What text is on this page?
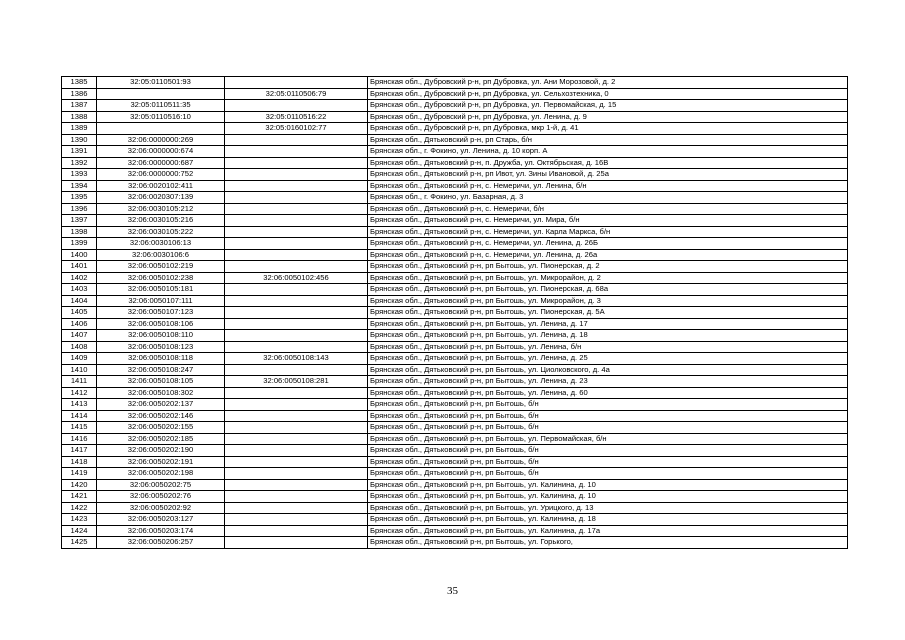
1385	32:05:0110501:93		Брянская обл., Дубровский р-н, рп Дубровка, ул. Ани Морозовой, д. 2
1386		32:05:0110506:79	Брянская обл., Дубровский р-н, рп Дубровка, ул. Сельхозтехника, 0
1387	32:05:0110511:35		Брянская обл., Дубровский р-н, рп Дубровка, ул. Первомайская, д. 15
1388	32:05:0110516:10	32:05:0110516:22	Брянская обл., Дубровский р-н, рп Дубровка, ул. Ленина, д. 9
1389		32:05:0160102:77	Брянская обл., Дубровский р-н, рп Дубровка, мкр 1-й, д. 41
1390	32:06:0000000:269		Брянская обл., Дятьковский р-н, рп Старь, б/н
1391	32:06:0000000:674		Брянская обл., г. Фокино, ул. Ленина, д. 10 корп. А
1392	32:06:0000000:687		Брянская обл., Дятьковский р-н, п. Дружба, ул. Октябрьская, д. 16В
1393	32:06:0000000:752		Брянская обл., Дятьковский р-н, рп Ивот, ул. Зины Ивановой, д. 25а
1394	32:06:0020102:411		Брянская обл., Дятьковский р-н, с. Немеричи, ул. Ленина, б/н
1395	32:06:0020307:139		Брянская обл., г. Фокино, ул. Базарная, д. 3
1396	32:06:0030105:212		Брянская обл., Дятьковский р-н, с. Немеричи, б/н
1397	32:06:0030105:216		Брянская обл., Дятьковский р-н, с. Немеричи, ул. Мира, б/н
1398	32:06:0030105:222		Брянская обл., Дятьковский р-н, с. Немеричи, ул. Карла Маркса, б/н
1399	32:06:0030106:13		Брянская обл., Дятьковский р-н, с. Немеричи, ул. Ленина, д. 26Б
1400	32:06:0030106:6		Брянская обл., Дятьковский р-н, с. Немеричи, ул. Ленина, д. 26а
1401	32:06:0050102:219		Брянская обл., Дятьковский р-н, рп Бытошь, ул. Пионерская, д. 2
1402	32:06:0050102:238	32:06:0050102:456	Брянская обл., Дятьковский р-н, рп Бытошь, ул. Микрорайон, д. 2
1403	32:06:0050105:181		Брянская обл., Дятьковский р-н, рп Бытошь, ул. Пионерская, д. 68а
1404	32:06:0050107:111		Брянская обл., Дятьковский р-н, рп Бытошь, ул. Микрорайон, д. 3
1405	32:06:0050107:123		Брянская обл., Дятьковский р-н, рп Бытошь, ул. Пионерская, д. 5А
1406	32:06:0050108:106		Брянская обл., Дятьковский р-н, рп Бытошь, ул. Ленина, д. 17
1407	32:06:0050108:110		Брянская обл., Дятьковский р-н, рп Бытошь, ул. Ленина, д. 18
1408	32:06:0050108:123		Брянская обл., Дятьковский р-н, рп Бытошь, ул. Ленина, б/н
1409	32:06:0050108:118	32:06:0050108:143	Брянская обл., Дятьковский р-н, рп Бытошь, ул. Ленина, д. 25
1410	32:06:0050108:247		Брянская обл., Дятьковский р-н, рп Бытошь, ул. Циолковского, д. 4а
1411	32:06:0050108:105	32:06:0050108:281	Брянская обл., Дятьковский р-н, рп Бытошь, ул. Ленина, д. 23
1412	32:06:0050108:302		Брянская обл., Дятьковский р-н, рп Бытошь, ул. Ленина, д. 60
1413	32:06:0050202:137		Брянская обл., Дятьковский р-н, рп Бытошь, б/н
1414	32:06:0050202:146		Брянская обл., Дятьковский р-н, рп Бытошь, б/н
1415	32:06:0050202:155		Брянская обл., Дятьковский р-н, рп Бытошь, б/н
1416	32:06:0050202:185		Брянская обл., Дятьковский р-н, рп Бытошь, ул. Первомайская, б/н
1417	32:06:0050202:190		Брянская обл., Дятьковский р-н, рп Бытошь, б/н
1418	32:06:0050202:191		Брянская обл., Дятьковский р-н, рп Бытошь, б/н
1419	32:06:0050202:198		Брянская обл., Дятьковский р-н, рп Бытошь, б/н
1420	32:06:0050202:75		Брянская обл., Дятьковский р-н, рп Бытошь, ул. Калинина, д. 10
1421	32:06:0050202:76		Брянская обл., Дятьковский р-н, рп Бытошь, ул. Калинина, д. 10
1422	32:06:0050202:92		Брянская обл., Дятьковский р-н, рп Бытошь, ул. Урицкого, д. 13
1423	32:06:0050203:127		Брянская обл., Дятьковский р-н, рп Бытошь, ул. Калинина, д. 18
1424	32:06:0050203:174		Брянская обл., Дятьковский р-н, рп Бытошь, ул. Калинина, д. 17а
1425	32:06:0050206:257		Брянская обл., Дятьковский р-н, рп Бытошь, ул. Горького,
35
